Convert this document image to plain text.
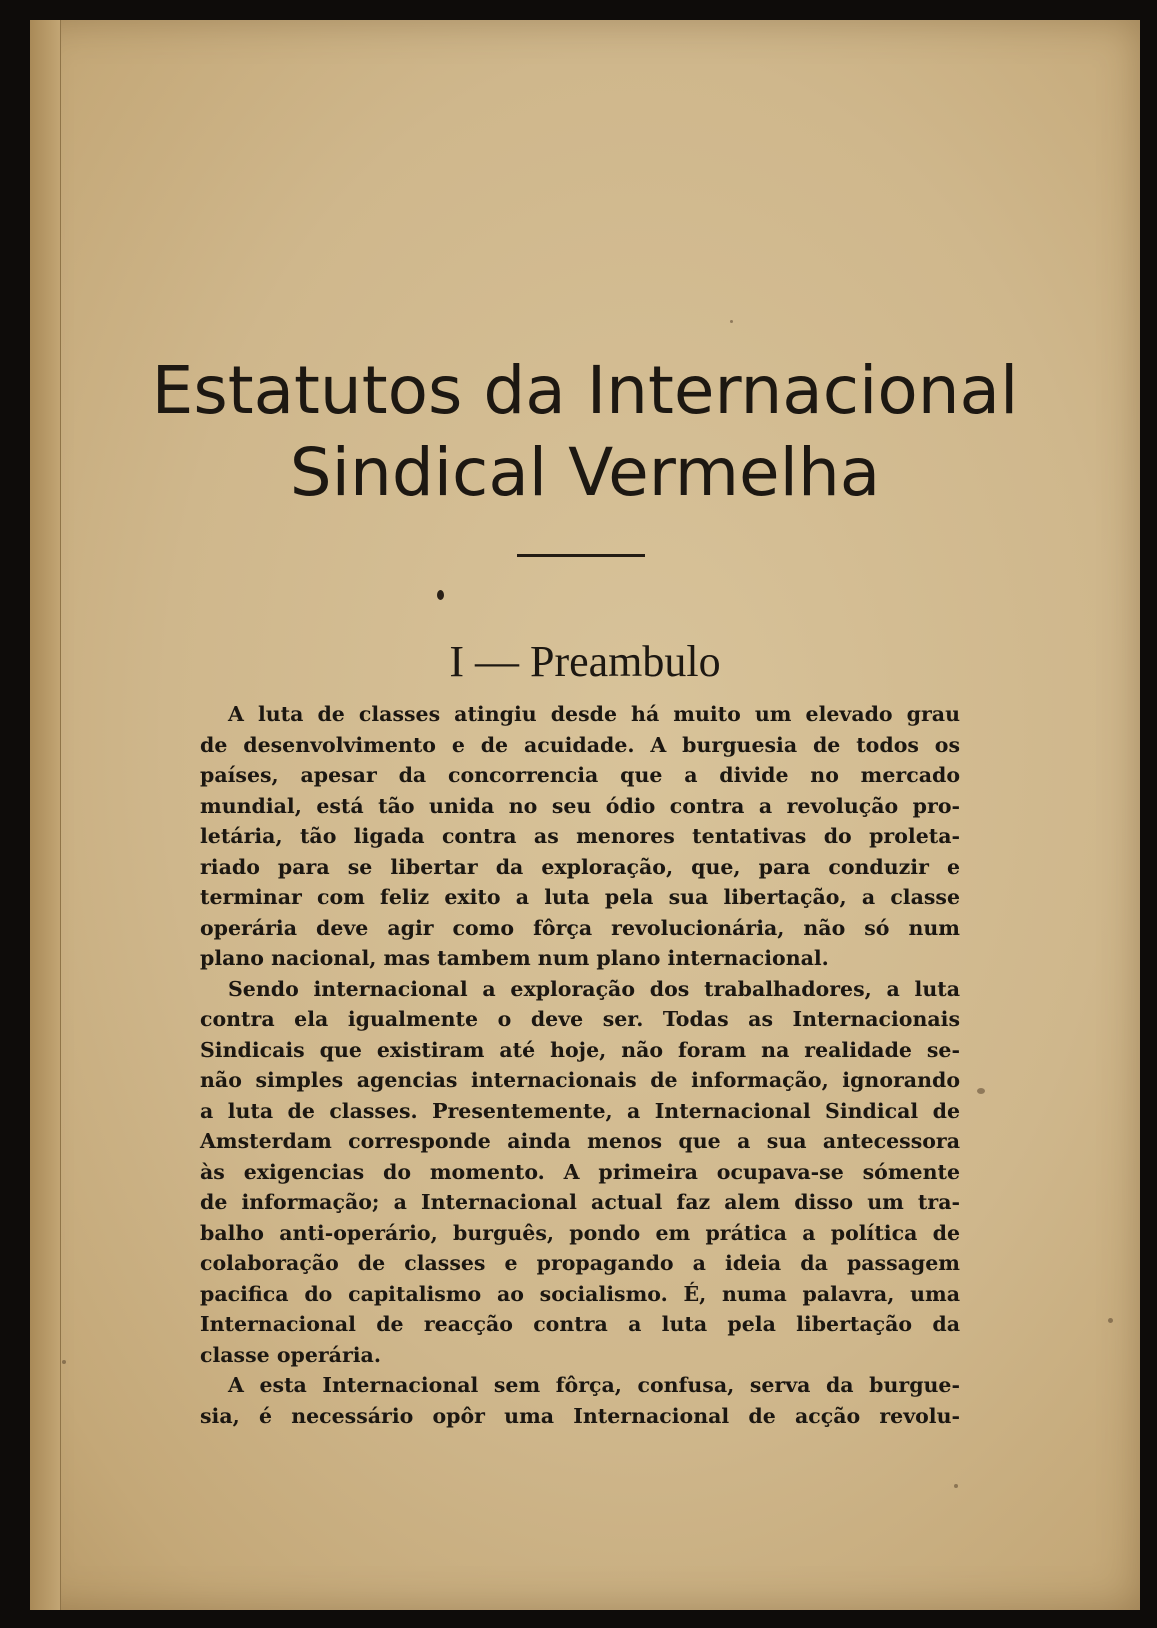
Estatutos da Internacional
Sindical Vermelha
I — Preambulo
A luta de classes atingiu desde há muito um elevado grau
de desenvolvimento e de acuidade. A burguesia de todos os
países, apesar da concorrencia que a divide no mercado
mundial, está tão unida no seu ódio contra a revolução pro-
letária, tão ligada contra as menores tentativas do proleta-
riado para se libertar da exploração, que, para conduzir e
terminar com feliz exito a luta pela sua libertação, a classe
operária deve agir como fôrça revolucionária, não só num
plano nacional, mas tambem num plano internacional.
Sendo internacional a exploração dos trabalhadores, a luta
contra ela igualmente o deve ser. Todas as Internacionais
Sindicais que existiram até hoje, não foram na realidade se-
não simples agencias internacionais de informação, ignorando
a luta de classes. Presentemente, a Internacional Sindical de
Amsterdam corresponde ainda menos que a sua antecessora
às exigencias do momento. A primeira ocupava-se sómente
de informação; a Internacional actual faz alem disso um tra-
balho anti-operário, burguês, pondo em prática a política de
colaboração de classes e propagando a ideia da passagem
pacifica do capitalismo ao socialismo. É, numa palavra, uma
Internacional de reacção contra a luta pela libertação da
classe operária.
A esta Internacional sem fôrça, confusa, serva da burgue-
sia, é necessário opôr uma Internacional de acção revolu-
